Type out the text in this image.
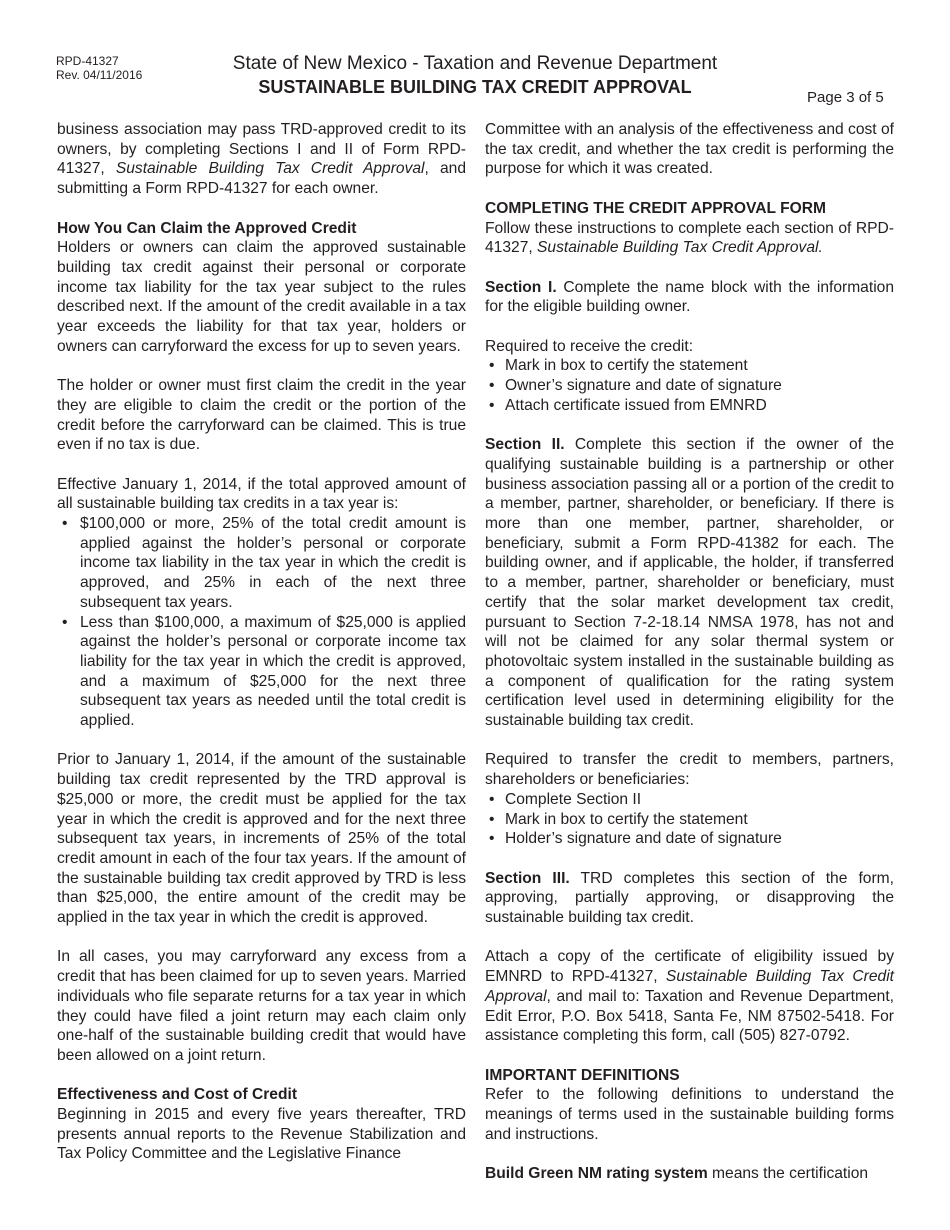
RPD-41327
Rev. 04/11/2016
State of New Mexico - Taxation and Revenue Department
SUSTAINABLE BUILDING TAX CREDIT APPROVAL
Page 3 of 5

business association may pass TRD-approved credit to its owners, by completing Sections I and II of Form RPD-41327, Sustainable Building Tax Credit Approval, and submitting a Form RPD-41327 for each owner.

How You Can Claim the Approved Credit

Holders or owners can claim the approved sustainable building tax credit against their personal or corporate income tax liability for the tax year subject to the rules described next. If the amount of the credit available in a tax year exceeds the liability for that tax year, holders or owners can carryforward the excess for up to seven years.

The holder or owner must first claim the credit in the year they are eligible to claim the credit or the portion of the credit before the carryforward can be claimed. This is true even if no tax is due.

Effective January 1, 2014, if the total approved amount of all sustainable building tax credits in a tax year is:

• $100,000 or more, 25% of the total credit amount is applied against the holder’s personal or corporate income tax liability in the tax year in which the credit is approved, and 25% in each of the next three subsequent tax years.
• Less than $100,000, a maximum of $25,000 is applied against the holder’s personal or corporate income tax liability for the tax year in which the credit is approved, and a maximum of $25,000 for the next three subsequent tax years as needed until the total credit is applied.

Prior to January 1, 2014, if the amount of the sustainable building tax credit represented by the TRD approval is $25,000 or more, the credit must be applied for the tax year in which the credit is approved and for the next three subsequent tax years, in increments of 25% of the total credit amount in each of the four tax years. If the amount of the sustainable building tax credit approved by TRD is less than $25,000, the entire amount of the credit may be applied in the tax year in which the credit is approved.

In all cases, you may carryforward any excess from a credit that has been claimed for up to seven years. Married individuals who file separate returns for a tax year in which they could have filed a joint return may each claim only one-half of the sustainable building credit that would have been allowed on a joint return.

Effectiveness and Cost of Credit

Beginning in 2015 and every five years thereafter, TRD presents annual reports to the Revenue Stabilization and Tax Policy Committee and the Legislative Finance

Committee with an analysis of the effectiveness and cost of the tax credit, and whether the tax credit is performing the purpose for which it was created.

COMPLETING THE CREDIT APPROVAL FORM

Follow these instructions to complete each section of RPD-41327, Sustainable Building Tax Credit Approval.

Section I. Complete the name block with the information for the eligible building owner.

Required to receive the credit:

• Mark in box to certify the statement
• Owner’s signature and date of signature
• Attach certificate issued from EMNRD

Section II. Complete this section if the owner of the qualifying sustainable building is a partnership or other business association passing all or a portion of the credit to a member, partner, shareholder, or beneficiary. If there is more than one member, partner, shareholder, or beneficiary, submit a Form RPD-41382 for each. The building owner, and if applicable, the holder, if transferred to a member, partner, shareholder or beneficiary, must certify that the solar market development tax credit, pursuant to Section 7-2-18.14 NMSA 1978, has not and will not be claimed for any solar thermal system or photovoltaic system installed in the sustainable building as a component of qualification for the rating system certification level used in determining eligibility for the sustainable building tax credit.

Required to transfer the credit to members, partners, shareholders or beneficiaries:

• Complete Section II
• Mark in box to certify the statement
• Holder’s signature and date of signature

Section III. TRD completes this section of the form, approving, partially approving, or disapproving the sustainable building tax credit.

Attach a copy of the certificate of eligibility issued by EMNRD to RPD-41327, Sustainable Building Tax Credit Approval, and mail to: Taxation and Revenue Department, Edit Error, P.O. Box 5418, Santa Fe, NM 87502-5418. For assistance completing this form, call (505) 827-0792.

IMPORTANT DEFINITIONS

Refer to the following definitions to understand the meanings of terms used in the sustainable building forms and instructions.

Build Green NM rating system means the certification
